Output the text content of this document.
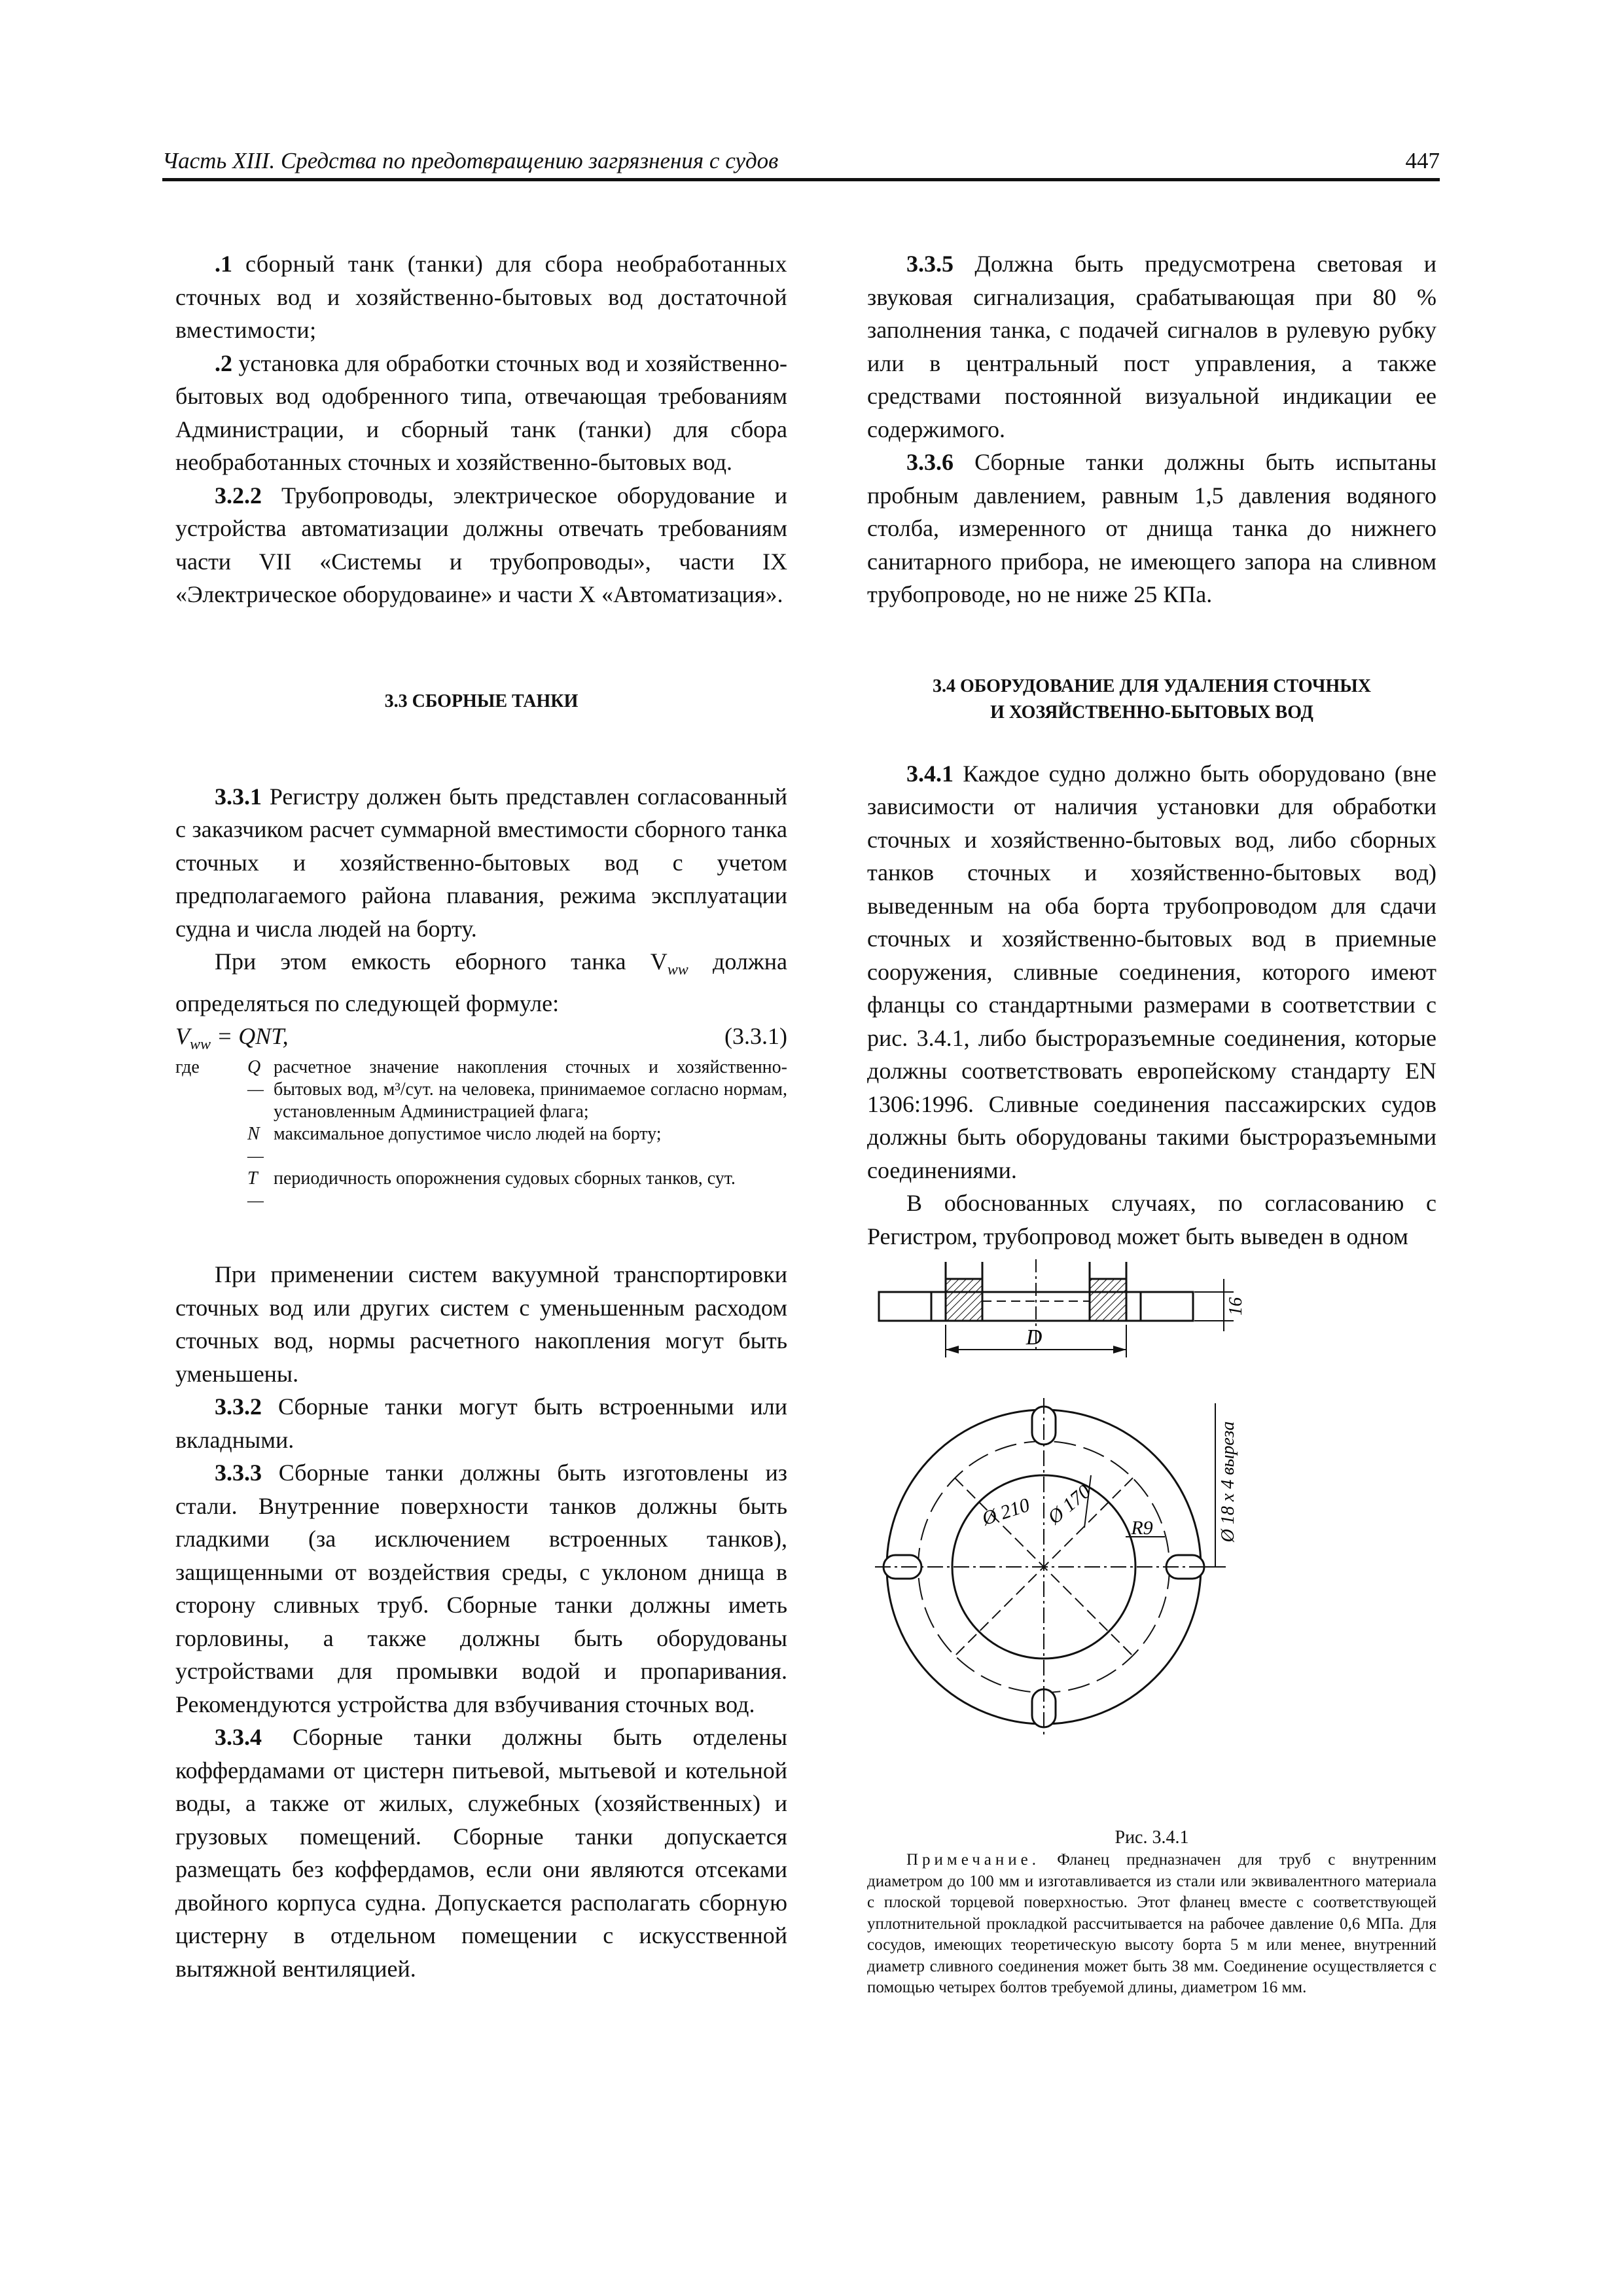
Часть XIII. Средства по предотвращению загрязнения с судов	447

.1 сборный танк (танки) для сбора необработанных сточных вод и хозяйственно-бытовых вод достаточной вместимости;

.2 установка для обработки сточных вод и хозяйственно-бытовых вод одобренного типа, отвечающая требованиям Администрации, и сборный танк (танки) для сбора необработанных сточных и хозяйственно-бытовых вод.

3.2.2 Трубопроводы, электрическое оборудование и устройства автоматизации должны отвечать требованиям части VII «Системы и трубопроводы», части IX «Электрическое оборудоваине» и части X «Автоматизация».

3.3 СБОРНЫЕ ТАНКИ

3.3.1 Регистру должен быть представлен согласованный с заказчиком расчет суммарной вместимости сборного танка сточных и хозяйственно-бытовых вод с учетом предполагаемого района плавания, режима эксплуатации судна и числа людей на борту.

При этом емкость еборного танка $V_{ww}$ должна определяться по следующей формуле:

$V_{ww}$ = QNT,	(3.3.1)
где	Q —
расчетное значение накопления сточных и хозяйственно-бытовых вод, м³/сут. на человека, принимаемое согласно нормам, установленным Администрацией флага;
N —
максимальное допустимое число людей на борту;
T —
периодичность опорожнения судовых сборных танков, сут.

При применении систем вакуумной транспортировки сточных вод или других систем с уменьшенным расходом сточных вод, нормы расчетного накопления могут быть уменьшены.

3.3.2 Сборные танки могут быть встроенными или вкладными.

3.3.3 Сборные танки должны быть изготовлены из стали. Внутренние поверхности танков должны быть гладкими (за исключением встроенных танков), защищенными от воздействия среды, с уклоном днища в сторону сливных труб. Сборные танки должны иметь горловины, а также должны быть оборудованы устройствами для промывки водой и пропаривания. Рекомендуются устройства для взбучивания сточных вод.

3.3.4 Сборные танки должны быть отделены коффердамами от цистерн питьевой, мытьевой и котельной воды, а также от жилых, служебных (хозяйственных) и грузовых помещений. Сборные танки допускается размещать без коффердамов, если они являются отсеками двойного корпуса судна. Допускается располагать сборную цистерну в отдельном помещении с искусственной вытяжной вентиляцией.

3.3.5 Должна быть предусмотрена световая и звуковая сигнализация, срабатывающая при 80 % заполнения танка, с подачей сигналов в рулевую рубку или в центральный пост управления, а также средствами постоянной визуальной индикации ее содержимого.

3.3.6 Сборные танки должны быть испытаны пробным давлением, равным 1,5 давления водяного столба, измеренного от днища танка до нижнего санитарного прибора, не имеющего запора на сливном трубопроводе, но не ниже 25 КПа.

3.4 ОБОРУДОВАНИЕ ДЛЯ УДАЛЕНИЯ СТОЧНЫХ

И ХОЗЯЙСТВЕННО-БЫТОВЫХ ВОД

3.4.1 Каждое судно должно быть оборудовано (вне зависимости от наличия установки для обработки сточных и хозяйственно-бытовых вод, либо сборных танков сточных и хозяйственно-бытовых вод) выведенным на оба борта трубопроводом для сдачи сточных и хозяйственно-бытовых вод в приемные сооружения, сливные соединения, которого имеют фланцы со стандартными размерами в соответствии с рис. 3.4.1, либо быстроразъемные соединения, которые должны соответствовать европейскому стандарту EN 1306:1996. Сливные соединения пассажирских судов должны быть оборудованы такими быстроразъемными соединениями.

В обоснованных случаях, по согласованию с Регистром, трубопровод может быть выведен в одном

D
16
Ø 210 Ø 170 R9	Ø 18 x 4 выреза

Рис. 3.4.1

Примечание. Фланец предназначен для труб с внутренним диаметром до 100 мм и изготавливается из стали или эквивалентного материала с плоской торцевой поверхностью. Этот фланец вместе с соответствующей уплотнительной прокладкой рассчитывается на рабочее давление 0,6 МПа. Для сосудов, имеющих теоретическую высоту борта 5 м или менее, внутренний диаметр сливного соединения может быть 38 мм. Соединение осуществляется с помощью четырех болтов требуемой длины, диаметром 16 мм.
